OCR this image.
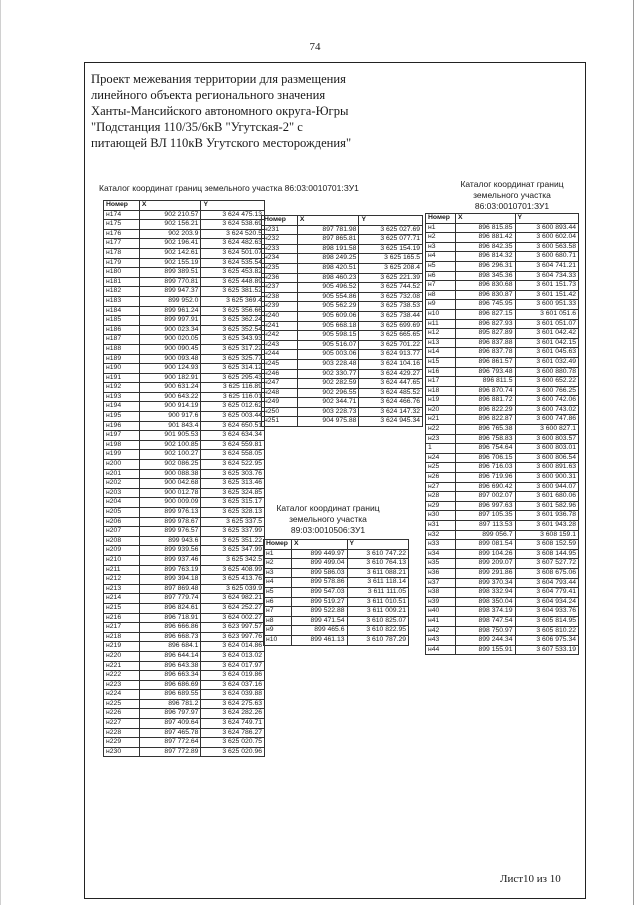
74
Проект межевания территории для размещения
линейного объекта регионального значения
Ханты-Мансийского автономного округа-Югры
"Подстанция 110/35/6кВ "Угутская-2" с
питающей ВЛ 110кВ Угутского месторождения"
Каталог координат границ земельного участка 86:03:0010701:ЗУ1	Каталог координат границ
земельного участка
86:03:0010701:ЗУ1
Каталог координат границ
земельного участка
89:03:0010506:ЗУ1
Номер	X	Y
н174	902 210.57	3 624 475.13
н175	902 156.21	3 624 538.69
н176	902 203.9	3 624 520.5
н177	902 196.41	3 624 482.63
н178	902 142.61	3 624 501.07
н179	902 155.19	3 624 535.54
н180	899 389.51	3 625 453.82
н181	899 770.81	3 625 448.89
н182	899 947.37	3 625 381.52
н183	899 952.0	3 625 369.4
н184	899 961.24	3 625 356.66
н185	899 997.91	3 625 362.24
н186	900 023.34	3 625 352.54
н187	900 020.05	3 625 343.93
н188	900 090.45	3 625 317.22
н189	900 093.48	3 625 325.77
н190	900 124.93	3 625 314.12
н191	900 182.91	3 625 295.43
н192	900 631.24	3 625 116.89
н193	900 643.22	3 625 116.01
н194	900 914.19	3 625 012.62
н195	900 917.6	3 625 003.44
н196	901 843.4	3 624 650.51
н197	901 905.53	3 624 634.34
н198	902 100.85	3 624 559.81
н199	902 100.27	3 624 558.05
н200	902 086.25	3 624 522.95
н201	900 088.38	3 625 303.76
н202	900 042.68	3 625 313.46
н203	900 012.78	3 625 324.85
н204	900 009.09	3 625 315.17
н205	899 976.13	3 625 328.13
н206	899 978.67	3 625 337.5
н207	899 976.57	3 625 337.99
н208	899 943.6	3 625 351.22
н209	899 939.56	3 625 347.99
н210	899 937.46	3 625 342.5
н211	899 763.19	3 625 408.99
н212	899 394.18	3 625 413.76
н213	897 869.48	3 625 039.9
н214	897 779.74	3 624 982.21
н215	896 824.61	3 624 252.27
н216	896 718.91	3 624 002.27
н217	896 666.86	3 623 997.57
н218	896 668.73	3 623 997.76
н219	896 684.1	3 624 014.86
н220	896 644.14	3 624 013.02
н221	896 643.38	3 624 017.97
н222	896 663.34	3 624 019.86
н223	896 686.69	3 624 037.16
н224	896 689.55	3 624 039.88
н225	896 781.2	3 624 275.63
н226	896 797.97	3 624 282.26
н227	897 409.64	3 624 749.71
н228	897 465.78	3 624 786.27
н229	897 772.64	3 625 020.75
н230	897 772.89	3 625 020.96
Номер	X	Y
н231	897 781.98	3 625 027.69
н232	897 865.81	3 625 077.71
н233	898 191.58	3 625 154.19
н234	898 249.25	3 625 165.5
н235	898 420.51	3 625 208.4
н236	898 460.23	3 625 221.39
н237	905 496.52	3 625 744.52
н238	905 554.86	3 625 732.08
н239	905 562.29	3 625 738.53
н240	905 609.06	3 625 738.44
н241	905 668.18	3 625 699.69
н242	905 598.15	3 625 665.65
н243	905 516.07	3 625 701.22
н244	905 003.06	3 624 913.77
н245	903 228.48	3 624 104.16
н246	902 330.77	3 624 429.27
н247	902 282.59	3 624 447.65
н248	902 296.55	3 624 485.52
н249	902 344.71	3 624 466.76
н250	903 228.73	3 624 147.32
н251	904 975.88	3 624 945.34
Номер	X	Y
н1	899 449.97	3 610 747.22
н2	899 499.04	3 610 764.13
н3	899 586.03	3 611 088.21
н4	899 578.86	3 611 118.14
н5	899 547.03	3 611 111.05
н6	899 519.27	3 611 010.51
н7	899 522.88	3 611 009.21
н8	899 471.54	3 610 825.07
н9	899 465.6	3 610 822.95
н10	899 461.13	3 610 787.29
Номер	X	Y
н1	896 815.85	3 600 893.44
н2	896 881.42	3 600 602.04
н3	896 842.35	3 600 563.58
н4	896 814.32	3 600 680.71
н5	896 296.31	3 604 741.21
н6	898 345.36	3 604 734.33
н7	896 830.68	3 601 151.73
н8	896 830.87	3 601 151.42
н9	896 745.95	3 600 951.33
н10	896 827.15	3 601 051.6
н11	896 827.93	3 601 051.07
н12	895 827.89	3 601 042.42
н13	896 837.88	3 601 042.15
н14	896 837.78	3 601 045.63
н15	896 861.57	3 601 032.49
н16	896 793.48	3 600 880.78
н17	896 811.5	3 600 652.22
н18	896 870.74	3 600 766.25
н19	896 881.72	3 600 742.06
н20	896 822.29	3 600 743.02
н21	896 822.87	3 600 747.86
н22	896 765.38	3 600 827.1
н23	896 758.83	3 600 803.57
1	896 754.64	3 600 803.01
н24	896 706.15	3 600 806.54
н25	896 716.03	3 600 891.63
н26	896 719.96	3 600 900.31
н27	896 690.42	3 600 944.07
н28	897 002.07	3 601 680.06
н29	896 997.63	3 601 582.96
н30	897 105.35	3 601 936.78
н31	897 113.53	3 601 943.28
н32	899 056.7	3 608 159.1
н33	899 081.54	3 608 152.59
н34	899 104.26	3 608 144.95
н35	899 209.07	3 607 527.72
н36	899 291.86	3 608 675.06
н37	899 370.34	3 604 793.44
н38	898 332.94	3 604 779.41
н39	898 350.04	3 604 934.24
н40	898 374.19	3 604 933.76
н41	898 747.54	3 605 814.95
н42	898 750.97	3 605 810.22
н43	899 244.34	3 606 975.34
н44	899 155.91	3 607 533.19
Лист10 из 10
